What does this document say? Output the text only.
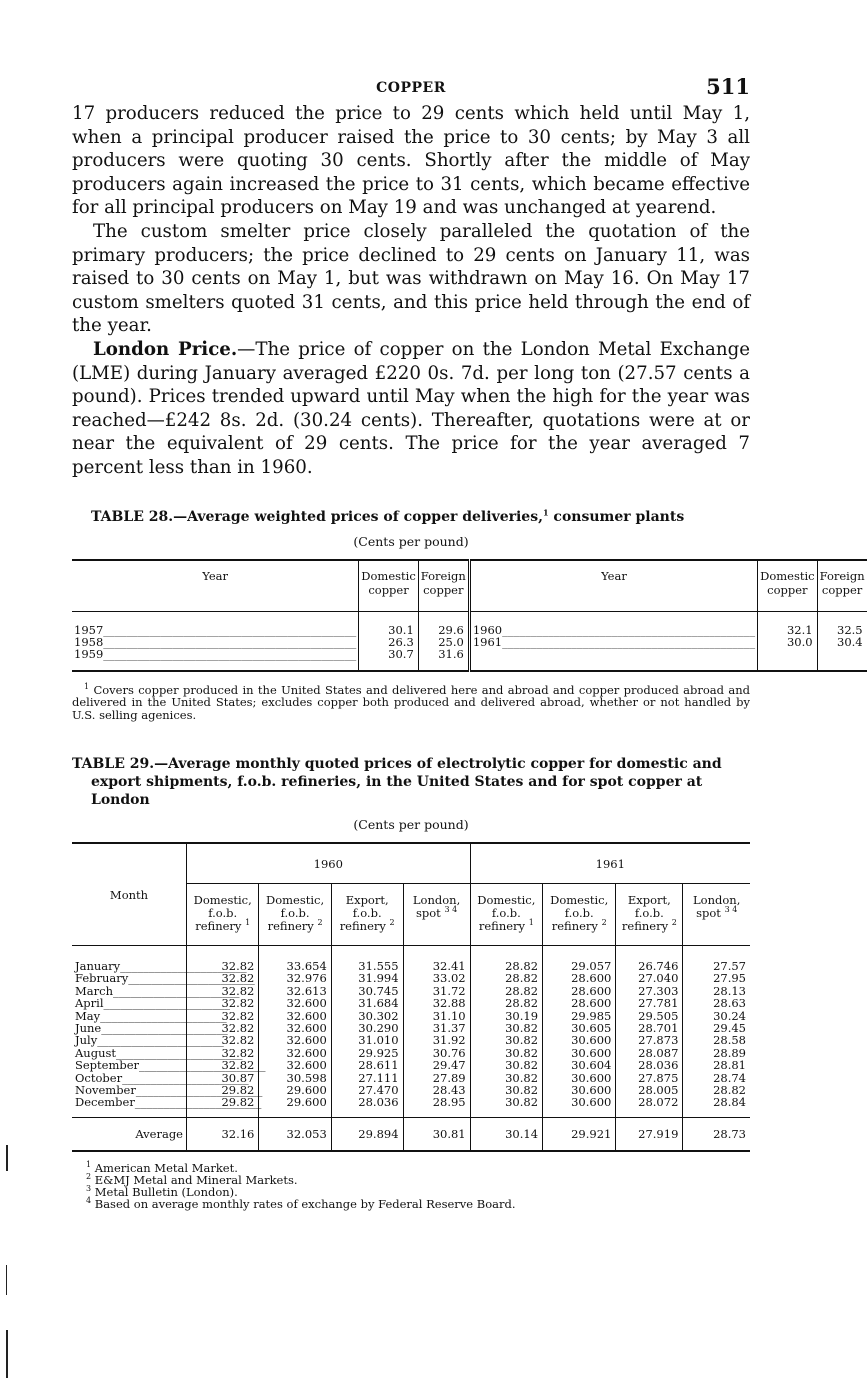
COPPER	511

17 producers reduced the price to 29 cents which held until May 1, when a principal producer raised the price to 30 cents; by May 3 all producers were quoting 30 cents. Shortly after the middle of May producers again increased the price to 31 cents, which became effective for all principal producers on May 19 and was unchanged at yearend.

The custom smelter price closely paralleled the quotation of the primary producers; the price declined to 29 cents on January 11, was raised to 30 cents on May 1, but was withdrawn on May 16. On May 17 custom smelters quoted 31 cents, and this price held through the end of the year.

London Price.—The price of copper on the London Metal Exchange (LME) during January averaged £220 0s. 7d. per long ton (27.57 cents a pound). Prices trended upward until May when the high for the year was reached—£242 8s. 2d. (30.24 cents). Thereafter, quotations were at or near the equivalent of 29 cents. The price for the year averaged 7 percent less than in 1960.

TABLE 28.—Average weighted prices of copper deliveries,$^1$ consumer plants
(Cents per pound)
Year	Domestic copper	Foreign copper	Year	Domestic copper	Foreign copper
1957 _____	30.1	29.6	1960 _____	32.1	32.5
1958 _____	26.3	25.0	1961 _____	30.0	30.4
1959 _____	30.7	31.6			
$^1$ Covers copper produced in the United States and delivered here and abroad and copper produced abroad and delivered in the United States; excludes copper both produced and delivered abroad, whether or not handled by U.S. selling agenices.
TABLE 29.—Average monthly quoted prices of electrolytic copper for domestic and export shipments, f.o.b. refineries, in the United States and for spot copper at London
(Cents per pound)
Month	1960				1961			
	Domestic, f.o.b. refinery $^1$	Domestic, f.o.b. refinery $^2$	Export, f.o.b. refinery $^2$	London, spot $^{3 4}$	Domestic, f.o.b. refinery $^1$	Domestic, f.o.b. refinery $^2$	Export, f.o.b. refinery $^2$	London, spot $^{3 4}$
January _____	32.82	33.654	31.555	32.41	28.82	29.057	26.746	27.57
February _____	32.82	32.976	31.994	33.02	28.82	28.600	27.040	27.95
March _____	32.82	32.613	30.745	31.72	28.82	28.600	27.303	28.13
April _____	32.82	32.600	31.684	32.88	28.82	28.600	27.781	28.63
May _____	32.82	32.600	30.302	31.10	30.19	29.985	29.505	30.24
June _____	32.82	32.600	30.290	31.37	30.82	30.605	28.701	29.45
July _____	32.82	32.600	31.010	31.92	30.82	30.600	27.873	28.58
August _____	32.82	32.600	29.925	30.76	30.82	30.600	28.087	28.89
September _____	32.82	32.600	28.611	29.47	30.82	30.604	28.036	28.81
October _____	30.87	30.598	27.111	27.89	30.82	30.600	27.875	28.74
November _____	29.82	29.600	27.470	28.43	30.82	30.600	28.005	28.82
December _____	29.82	29.600	28.036	28.95	30.82	30.600	28.072	28.84
Average	32.16	32.053	29.894	30.81	30.14	29.921	27.919	28.73
$^1$ American Metal Market.
$^2$ E&MJ Metal and Mineral Markets.
$^3$ Metal Bulletin (London).
$^4$ Based on average monthly rates of exchange by Federal Reserve Board.
